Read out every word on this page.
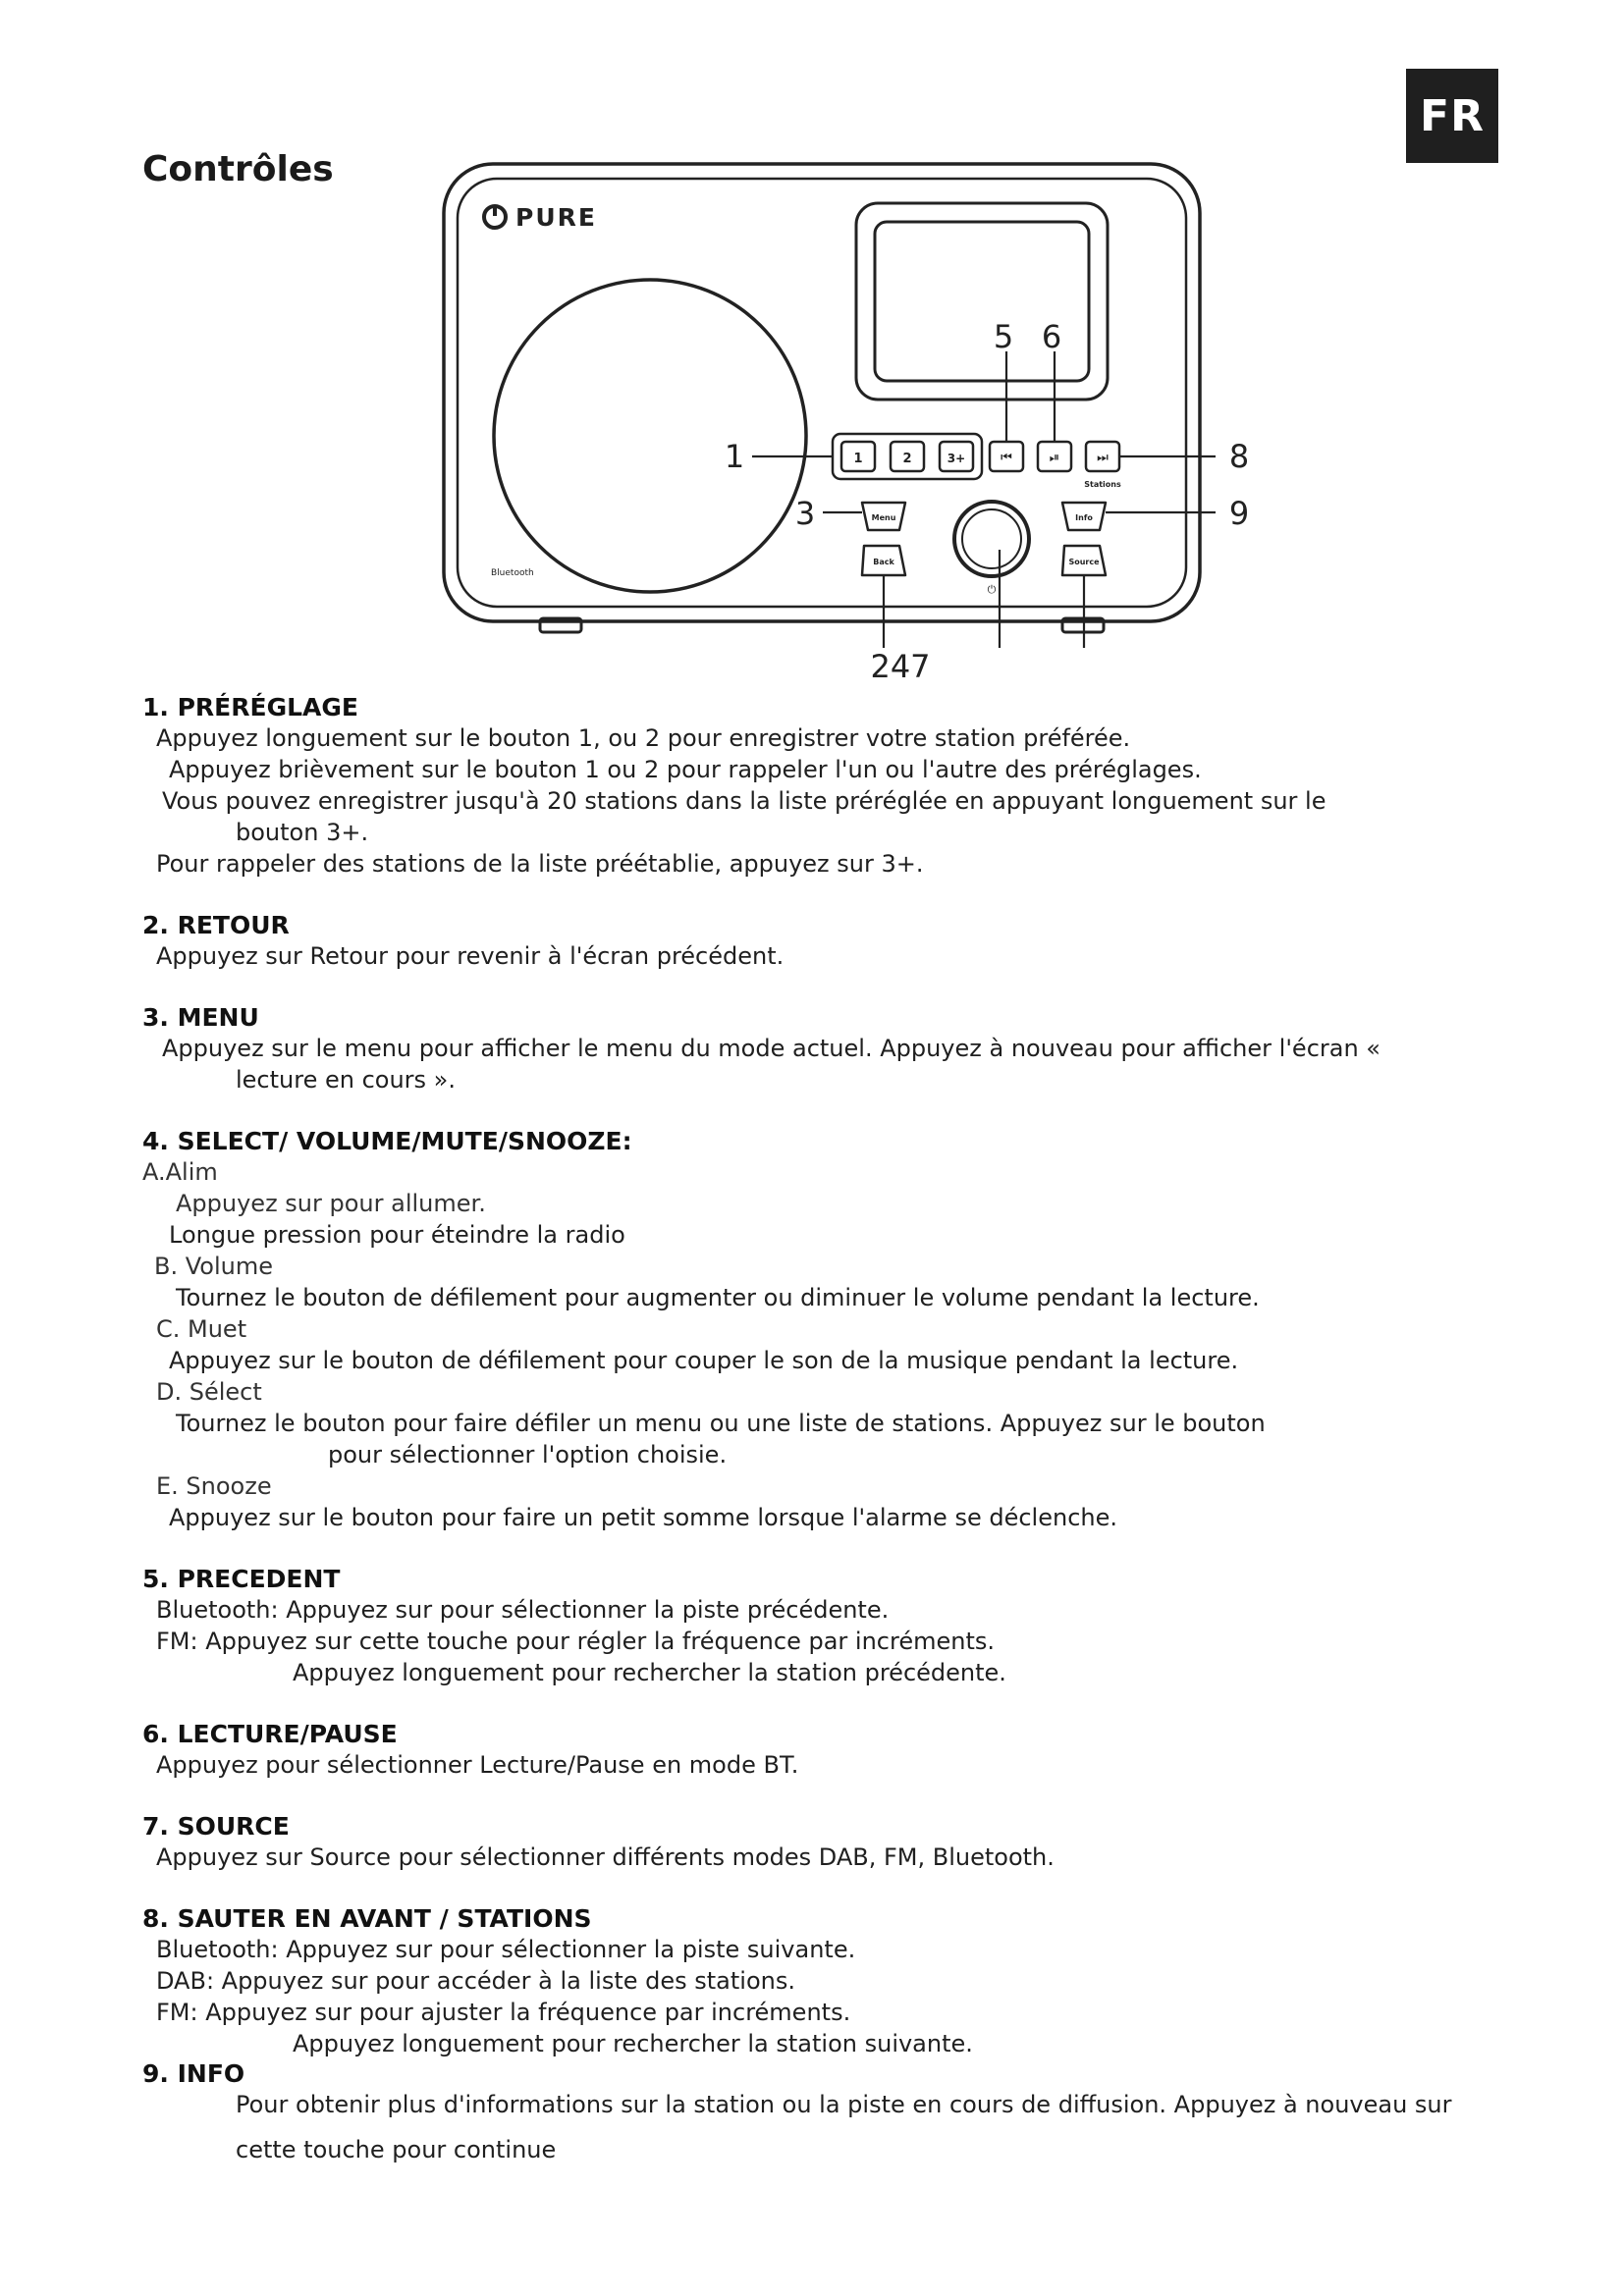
FR
Contrôles
PURE
1	2	3+	⏮	⏯	⏭
Stations
Menu
Back
Info
Source
⏻
Bluetooth
1
3
5 6
8
9
247
1. PRÉRÉGLAGE

Appuyez longuement sur le bouton 1, ou 2 pour enregistrer votre station préférée.

Appuyez brièvement sur le bouton 1 ou 2 pour rappeler l'un ou l'autre des préréglages.

Vous pouvez enregistrer jusqu'à 20 stations dans la liste préréglée en appuyant longuement sur le

bouton 3+.

Pour rappeler des stations de la liste préétablie, appuyez sur 3+.

2. RETOUR

Appuyez sur Retour pour revenir à l'écran précédent.

3. MENU

Appuyez sur le menu pour afficher le menu du mode actuel. Appuyez à nouveau pour afficher l'écran «

lecture en cours ».

4. SELECT/ VOLUME/MUTE/SNOOZE:

A.Alim

Appuyez sur pour allumer.

Longue pression pour éteindre la radio

B. Volume

Tournez le bouton de défilement pour augmenter ou diminuer le volume pendant la lecture.

C. Muet

Appuyez sur le bouton de défilement pour couper le son de la musique pendant la lecture.

D. Sélect

Tournez le bouton pour faire défiler un menu ou une liste de stations. Appuyez sur le bouton

pour sélectionner l'option choisie.

E. Snooze

Appuyez sur le bouton pour faire un petit somme lorsque l'alarme se déclenche.

5. PRECEDENT

Bluetooth: Appuyez sur pour sélectionner la piste précédente.

FM: Appuyez sur cette touche pour régler la fréquence par incréments.

Appuyez longuement pour rechercher la station précédente.

6. LECTURE/PAUSE

Appuyez pour sélectionner Lecture/Pause en mode BT.

7. SOURCE

Appuyez sur Source pour sélectionner différents modes DAB, FM, Bluetooth.

8. SAUTER EN AVANT / STATIONS

Bluetooth: Appuyez sur pour sélectionner la piste suivante.

DAB: Appuyez sur pour accéder à la liste des stations.

FM: Appuyez sur pour ajuster la fréquence par incréments.

Appuyez longuement pour rechercher la station suivante.

9. INFO

Pour obtenir plus d'informations sur la station ou la piste en cours de diffusion. Appuyez à nouveau sur

cette touche pour continue
